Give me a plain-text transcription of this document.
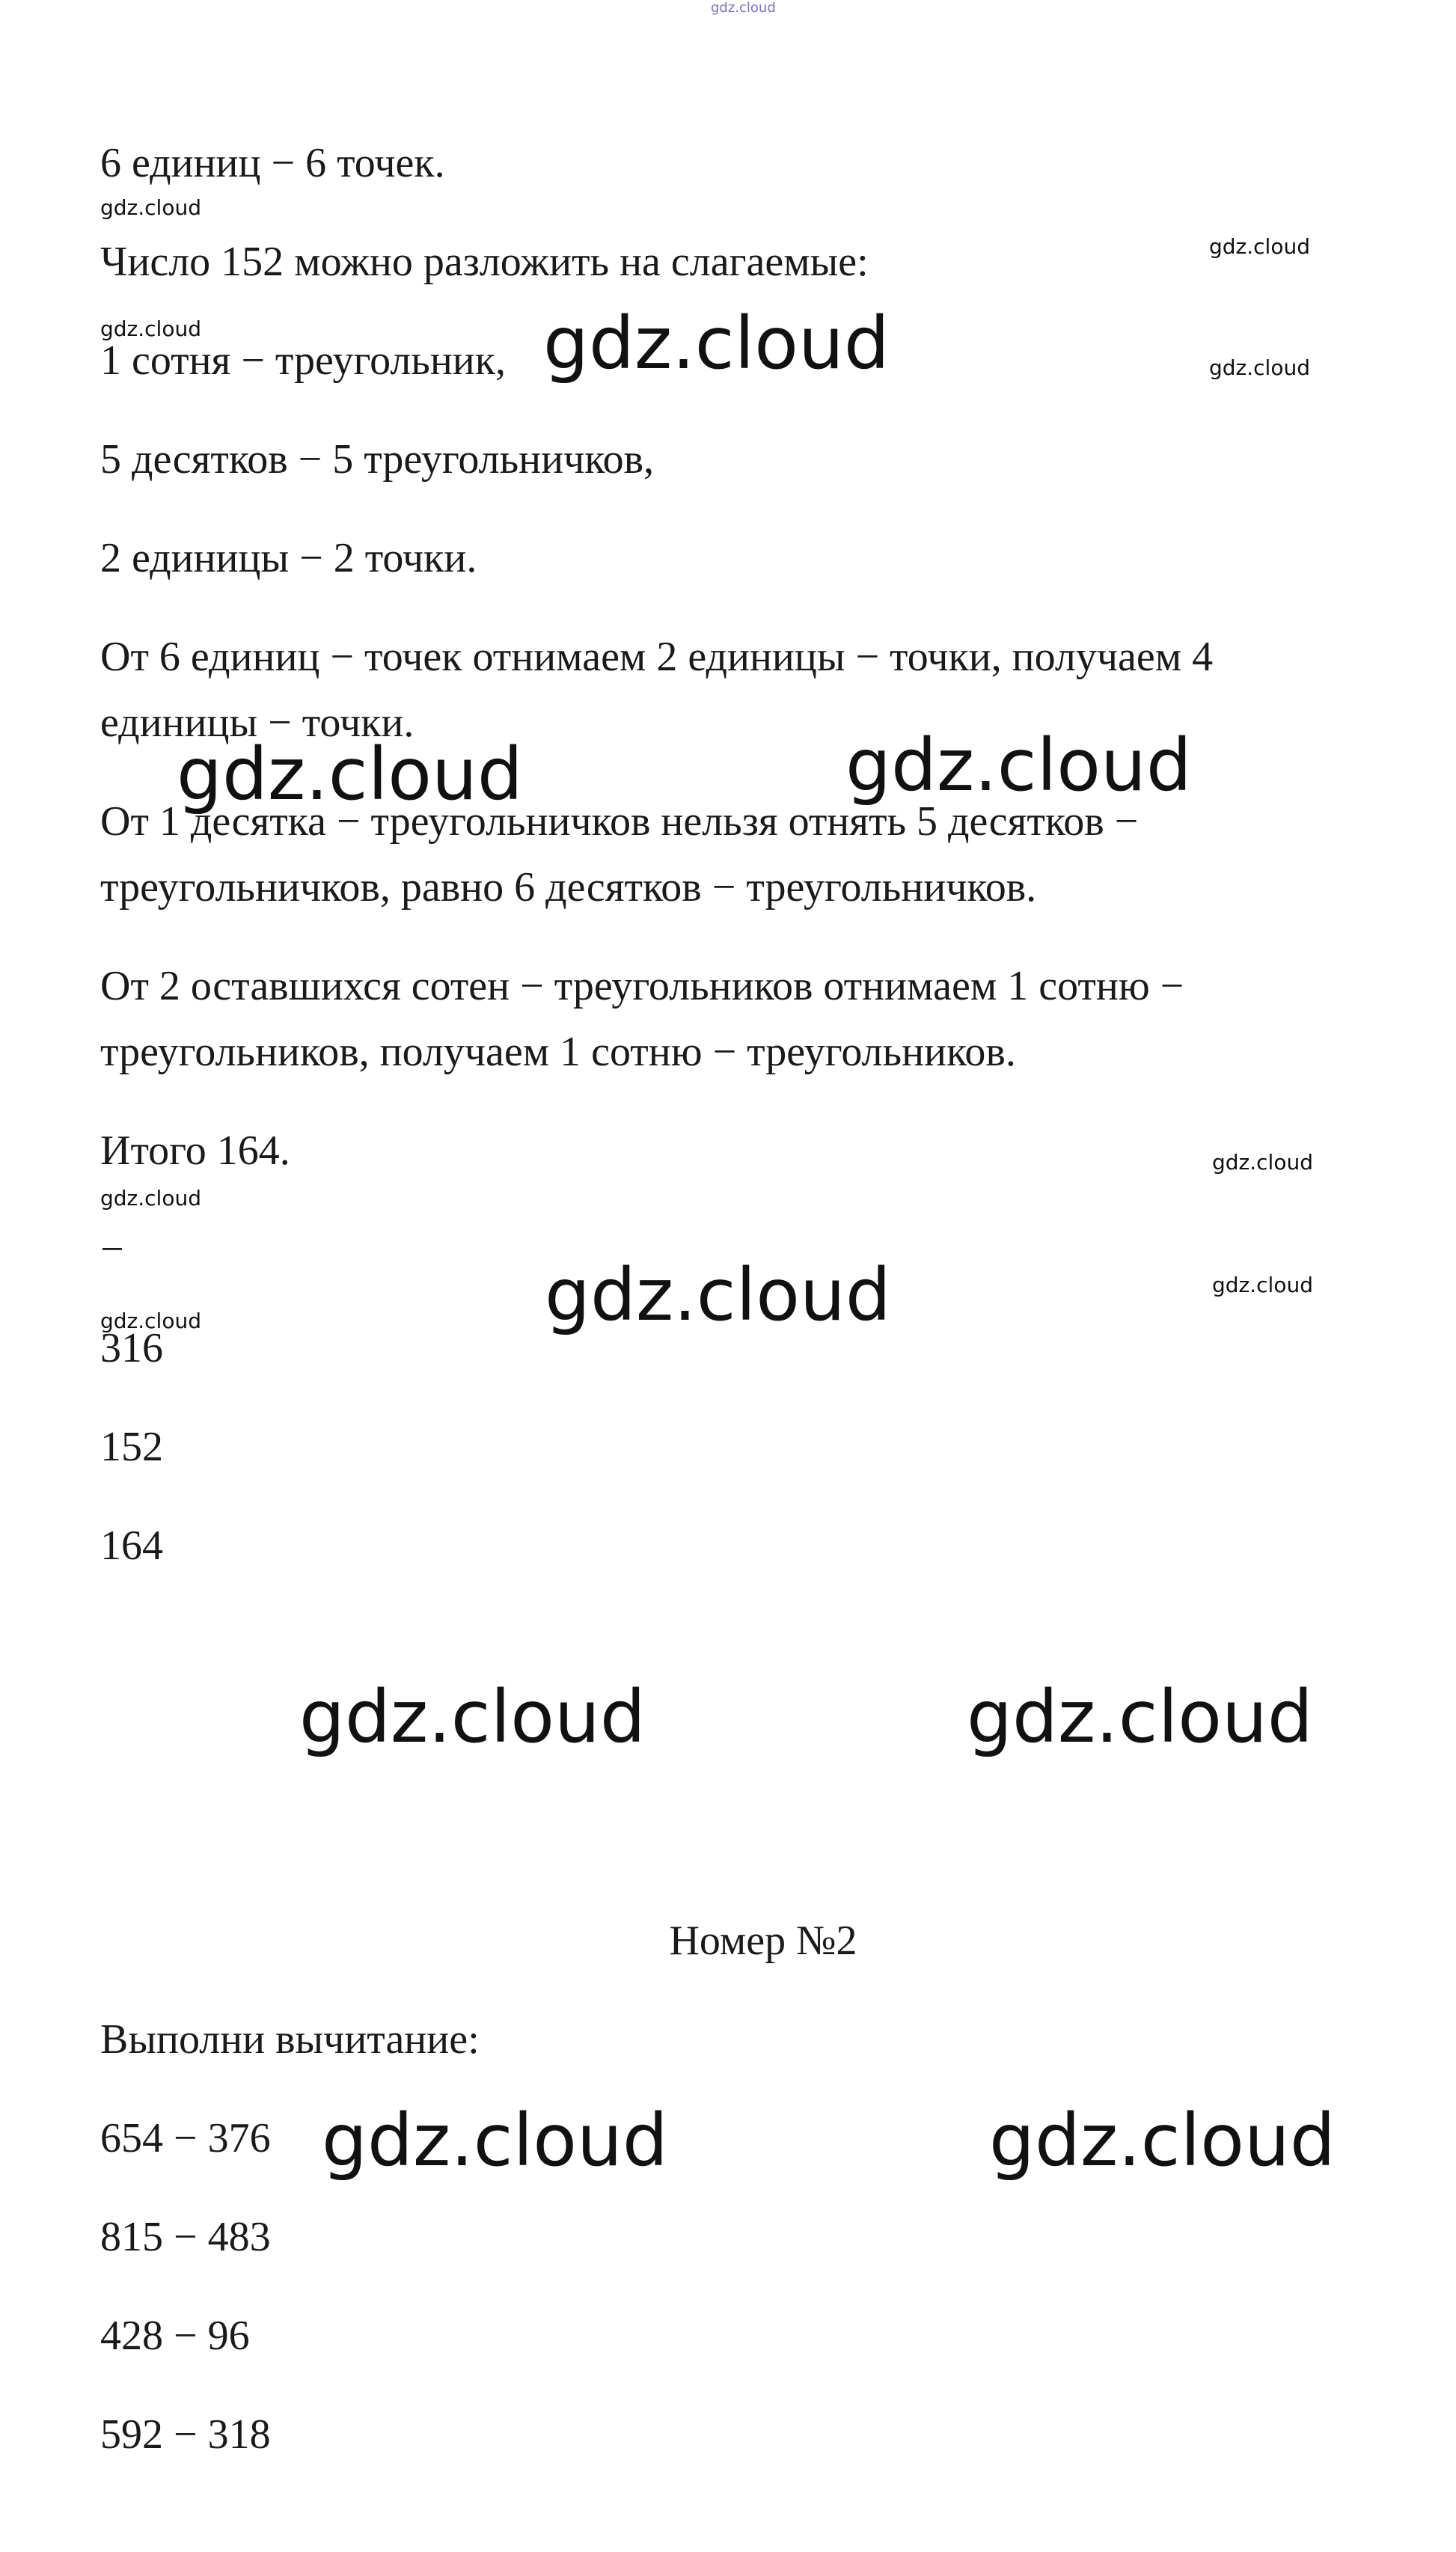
gdz.cloud

6 единиц − 6 точек.

Число 152 можно разложить на слагаемые:

1 сотня − треугольник,

5 десятков − 5 треугольничков,

2 единицы − 2 точки.

От 6 единиц − точек отнимаем 2 единицы − точки, получаем 4

единицы − точки.

От 1 десятка − треугольничков нельзя отнять 5 десятков −

треугольничков, равно 6 десятков − треугольничков.

От 2 оставшихся сотен − треугольников отнимаем 1 сотню −

треугольников, получаем 1 сотню − треугольников.

Итого 164.

−

316

152

164

Номер №2

Выполни вычитание:

654 − 376

815 − 483

428 − 96

592 − 318

gdz.cloud
gdz.cloud	gdz.cloud
gdz.cloud
gdz.cloud	gdz.cloud
gdz.cloud	gdz.cloud
gdz.cloud
gdz.cloud
gdz.cloud
gdz.cloud
gdz.cloud
gdz.cloud
gdz.cloud
gdz.cloud
